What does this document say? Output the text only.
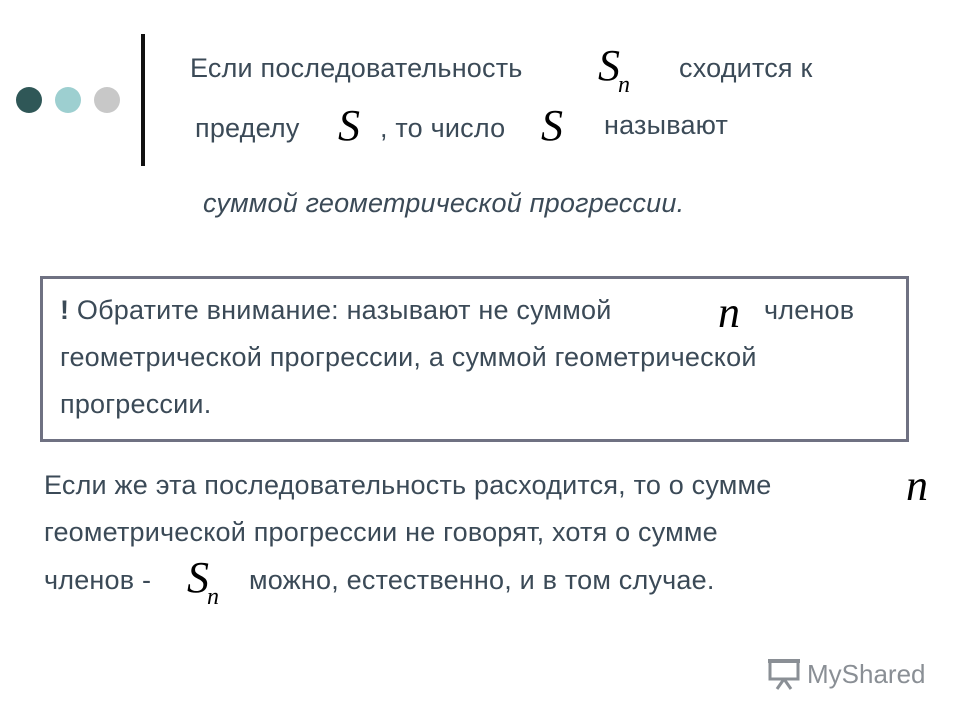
Если последовательность Sn
сходится к
пределу S , то число S называют
суммой геометрической прогрессии.
! Обратите внимание: называют не суммой n членов
геометрической прогрессии, а суммой геометрической
прогрессии.
Если же эта последовательность расходится, то о сумме	n
геометрической прогрессии не говорят, хотя о сумме
членов - Sn
можно, естественно, и в том случае.
MyShared
